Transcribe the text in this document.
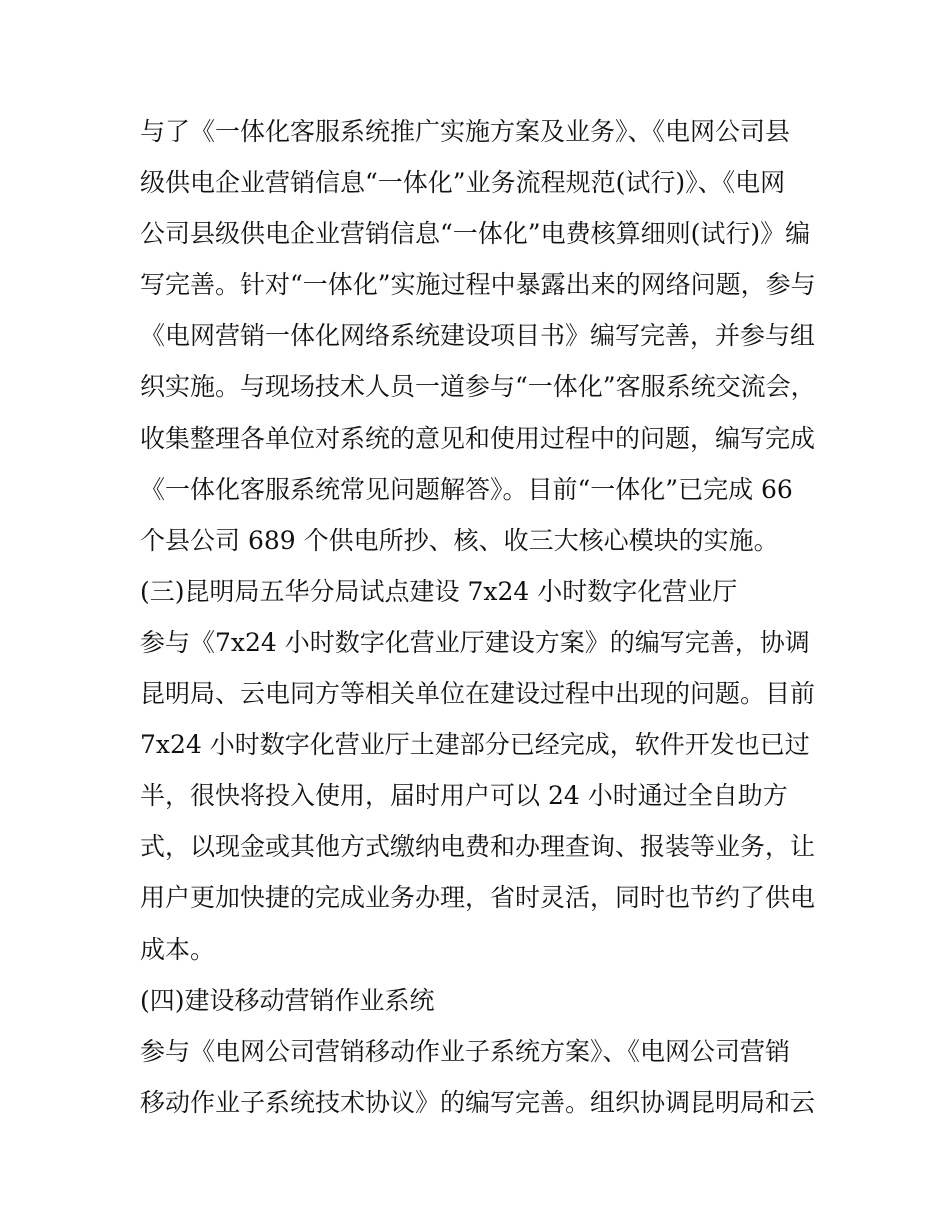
与了《一体化客服系统推广实施方案及业务》、《电网公司县
级供电企业营销信息“一体化”业务流程规范(试行)》、《电网
公司县级供电企业营销信息“一体化”电费核算细则(试行)》编
写完善。针对“一体化”实施过程中暴露出来的网络问题，参与
《电网营销一体化网络系统建设项目书》编写完善，并参与组
织实施。与现场技术人员一道参与“一体化”客服系统交流会，
收集整理各单位对系统的意见和使用过程中的问题，编写完成
《一体化客服系统常见问题解答》。目前“一体化”已完成 66
个县公司 689 个供电所抄、核、收三大核心模块的实施。
(三)昆明局五华分局试点建设 7x24 小时数字化营业厅
参与《7x24 小时数字化营业厅建设方案》的编写完善，协调
昆明局、云电同方等相关单位在建设过程中出现的问题。目前
7x24 小时数字化营业厅土建部分已经完成，软件开发也已过
半，很快将投入使用，届时用户可以 24 小时通过全自助方
式，以现金或其他方式缴纳电费和办理查询、报装等业务，让
用户更加快捷的完成业务办理，省时灵活，同时也节约了供电
成本。
(四)建设移动营销作业系统
参与《电网公司营销移动作业子系统方案》、《电网公司营销
移动作业子系统技术协议》的编写完善。组织协调昆明局和云
